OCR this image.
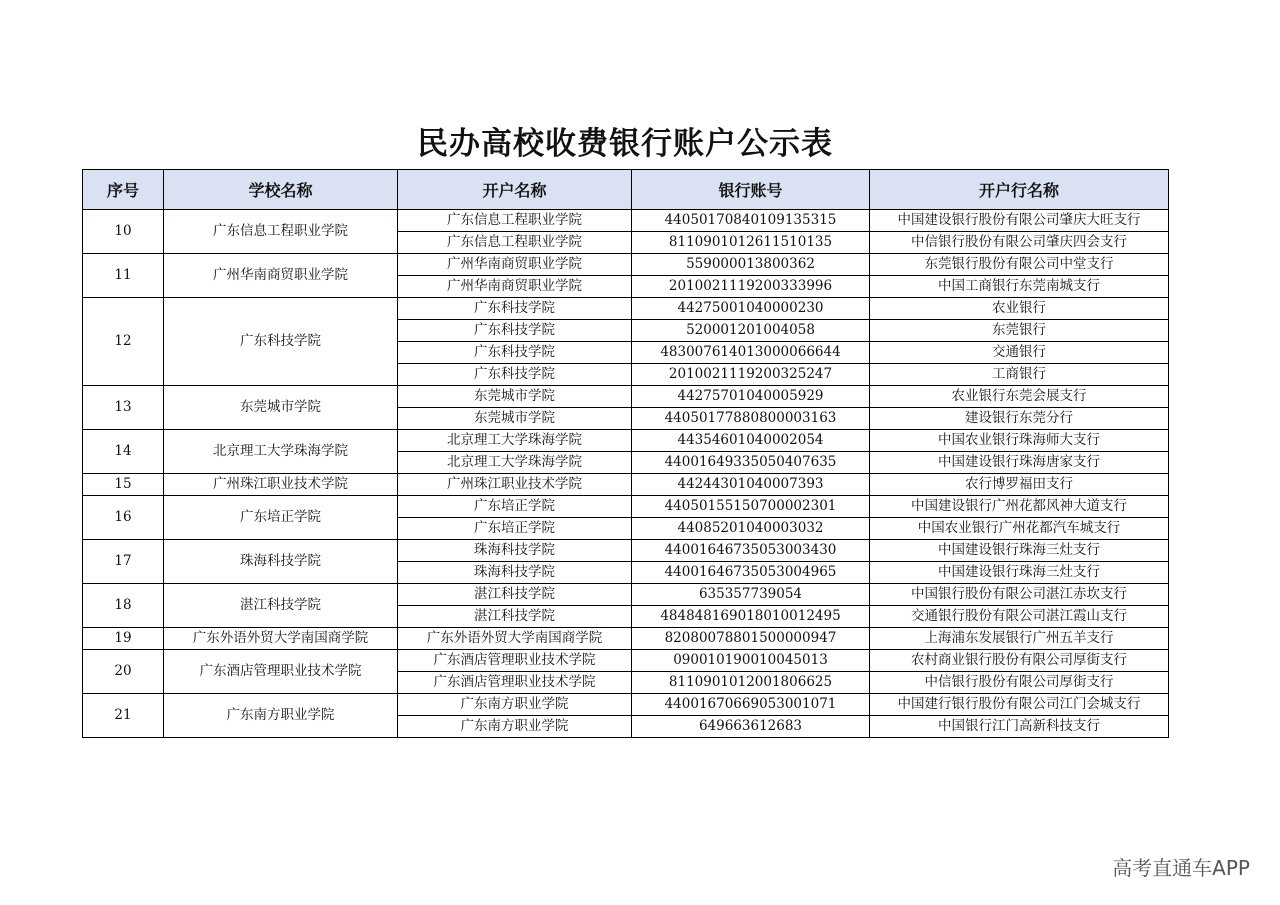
民办高校收费银行账户公示表
序号	学校名称	开户名称	银行账号	开户行名称
10	广东信息工程职业学院	广东信息工程职业学院	44050170840109135315	中国建设银行股份有限公司肇庆大旺支行
		广东信息工程职业学院	8110901012611510135	中信银行股份有限公司肇庆四会支行
11	广州华南商贸职业学院	广州华南商贸职业学院	559000013800362	东莞银行股份有限公司中堂支行
		广州华南商贸职业学院	2010021119200333996	中国工商银行东莞南城支行
12	广东科技学院	广东科技学院	44275001040000230	农业银行
		广东科技学院	520001201004058	东莞银行
		广东科技学院	483007614013000066644	交通银行
		广东科技学院	2010021119200325247	工商银行
13	东莞城市学院	东莞城市学院	44275701040005929	农业银行东莞会展支行
		东莞城市学院	44050177880800003163	建设银行东莞分行
14	北京理工大学珠海学院	北京理工大学珠海学院	44354601040002054	中国农业银行珠海师大支行
		北京理工大学珠海学院	44001649335050407635	中国建设银行珠海唐家支行
15	广州珠江职业技术学院	广州珠江职业技术学院	44244301040007393	农行博罗福田支行
16	广东培正学院	广东培正学院	44050155150700002301	中国建设银行广州花都风神大道支行
		广东培正学院	44085201040003032	中国农业银行广州花都汽车城支行
17	珠海科技学院	珠海科技学院	44001646735053003430	中国建设银行珠海三灶支行
		珠海科技学院	44001646735053004965	中国建设银行珠海三灶支行
18	湛江科技学院	湛江科技学院	635357739054	中国银行股份有限公司湛江赤坎支行
		湛江科技学院	484848169018010012495	交通银行股份有限公司湛江霞山支行
19	广东外语外贸大学南国商学院	广东外语外贸大学南国商学院	82080078801500000947	上海浦东发展银行广州五羊支行
20	广东酒店管理职业技术学院	广东酒店管理职业技术学院	090010190010045013	农村商业银行股份有限公司厚街支行
		广东酒店管理职业技术学院	8110901012001806625	中信银行股份有限公司厚街支行
21	广东南方职业学院	广东南方职业学院	44001670669053001071	中国建行银行股份有限公司江门会城支行
		广东南方职业学院	649663612683	中国银行江门高新科技支行
高考直通车APP
